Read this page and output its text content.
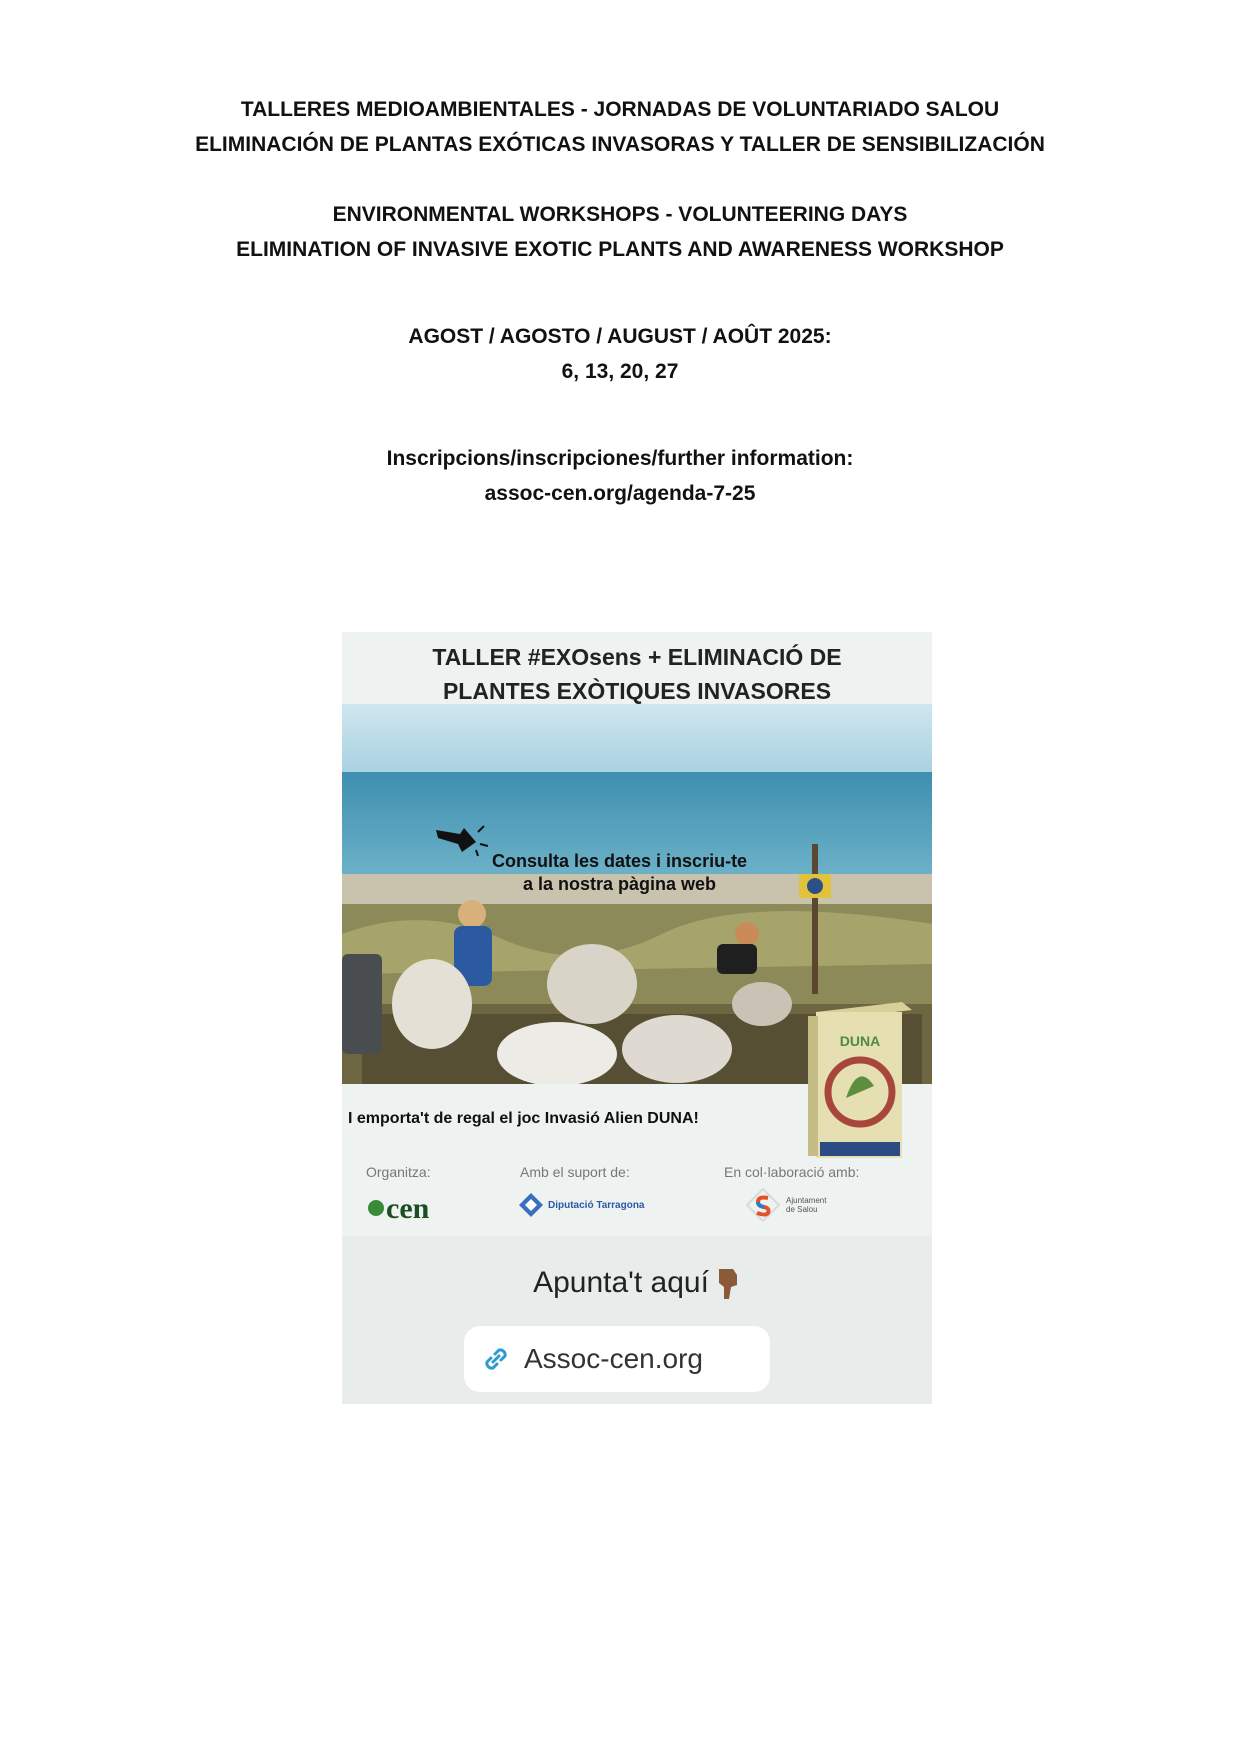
TALLERES MEDIOAMBIENTALES - JORNADAS DE VOLUNTARIADO SALOU
ELIMINACIÓN DE PLANTAS EXÓTICAS INVASORAS Y TALLER DE SENSIBILIZACIÓN
ENVIRONMENTAL WORKSHOPS - VOLUNTEERING DAYS
ELIMINATION OF INVASIVE EXOTIC PLANTS AND AWARENESS WORKSHOP
AGOST / AGOSTO / AUGUST / AOÛT 2025:
6, 13, 20, 27
Inscripcions/inscripciones/further information:
assoc-cen.org/agenda-7-25
TALLER #EXOsens + ELIMINACIÓ DE
PLANTES EXÒTIQUES INVASORES
Consulta les dates i inscriu-te
a la nostra pàgina web
DUNA
I emporta't de regal el joc Invasió Alien DUNA!
Organitza:	Amb el suport de:	En col·laboració amb:
cen	Diputació Tarragona	Ajuntament de Salou
Apunta't aquí
Assoc-cen.org
